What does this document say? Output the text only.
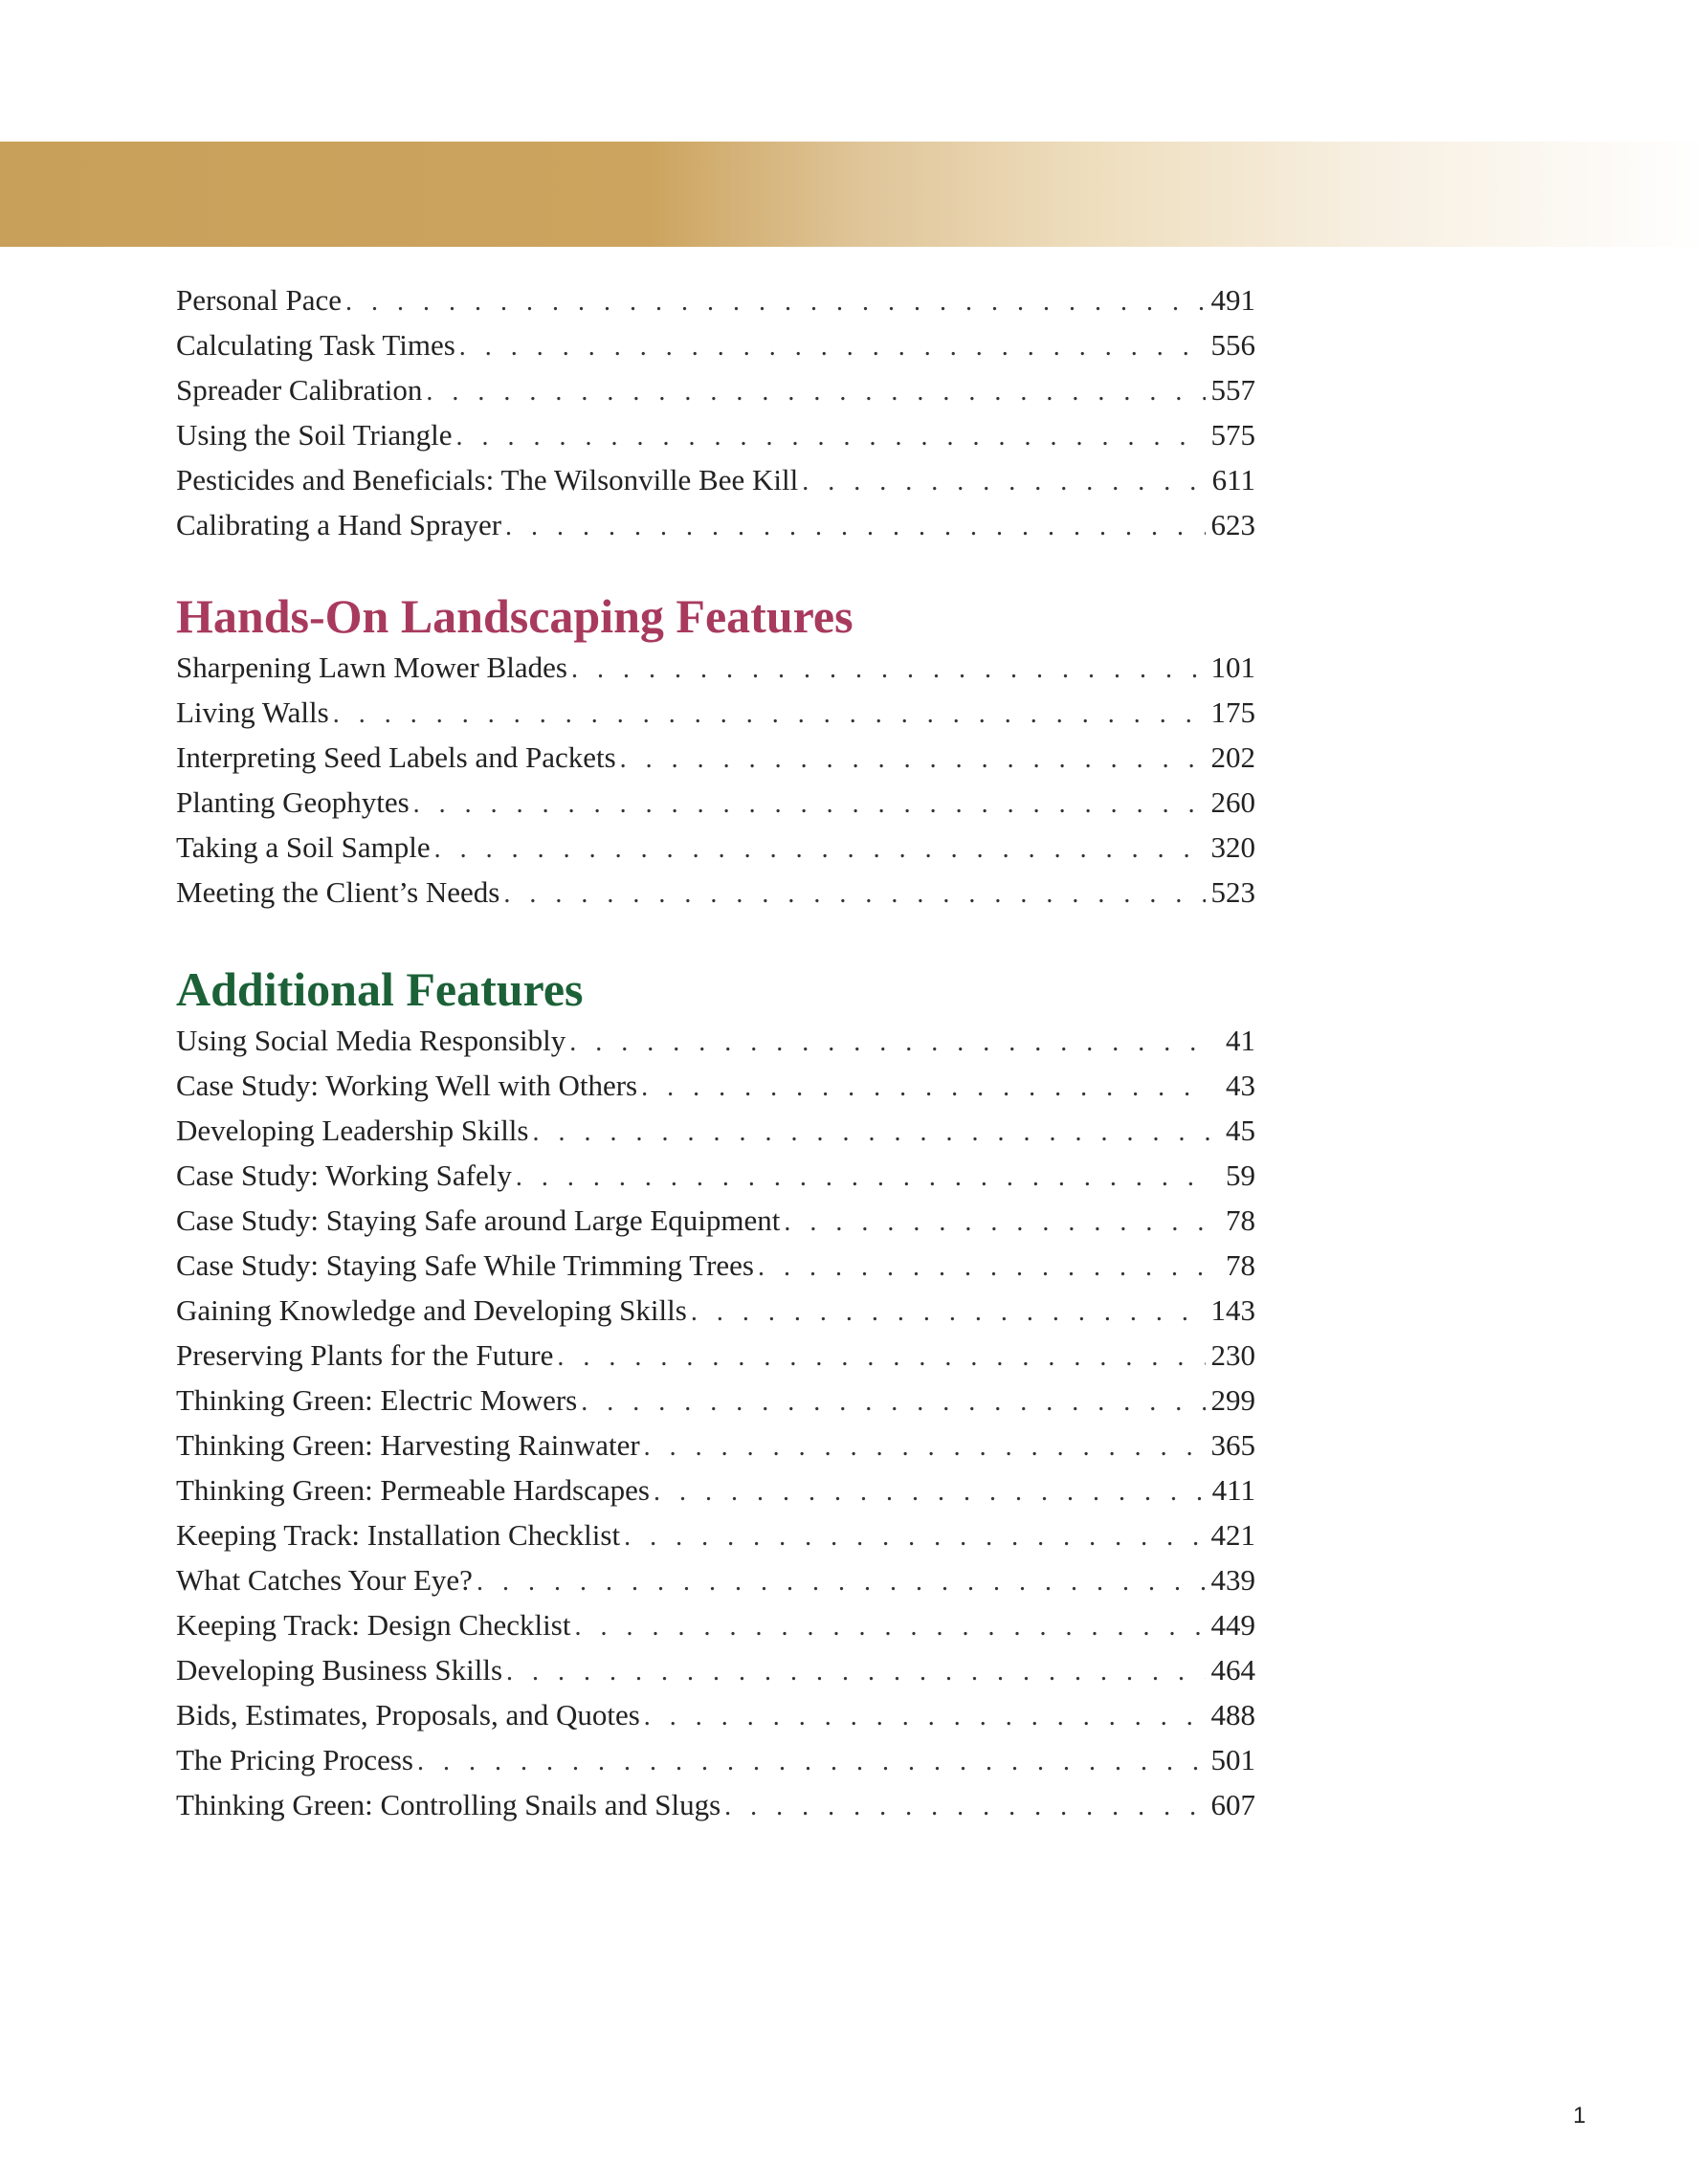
Personal Pace . . .	491
Calculating Task Times . . .	556
Spreader Calibration . . .	557
Using the Soil Triangle . . .	575
Pesticides and Beneficials: The Wilsonville Bee Kill . . .	611
Calibrating a Hand Sprayer . . .	623
Hands-On Landscaping Features
Sharpening Lawn Mower Blades . . .	101
Living Walls . . .	175
Interpreting Seed Labels and Packets . . .	202
Planting Geophytes . . .	260
Taking a Soil Sample . . .	320
Meeting the Client’s Needs . . .	523
Additional Features
Using Social Media Responsibly . . .	41
Case Study: Working Well with Others . . .	43
Developing Leadership Skills . . .	45
Case Study: Working Safely . . .	59
Case Study: Staying Safe around Large Equipment . . .	78
Case Study: Staying Safe While Trimming Trees . . .	78
Gaining Knowledge and Developing Skills . . .	143
Preserving Plants for the Future . . .	230
Thinking Green: Electric Mowers . . .	299
Thinking Green: Harvesting Rainwater . . .	365
Thinking Green: Permeable Hardscapes . . .	411
Keeping Track: Installation Checklist . . .	421
What Catches Your Eye? . . .	439
Keeping Track: Design Checklist . . .	449
Developing Business Skills . . .	464
Bids, Estimates, Proposals, and Quotes . . .	488
The Pricing Process . . .	501
Thinking Green: Controlling Snails and Slugs . . .	607
1
